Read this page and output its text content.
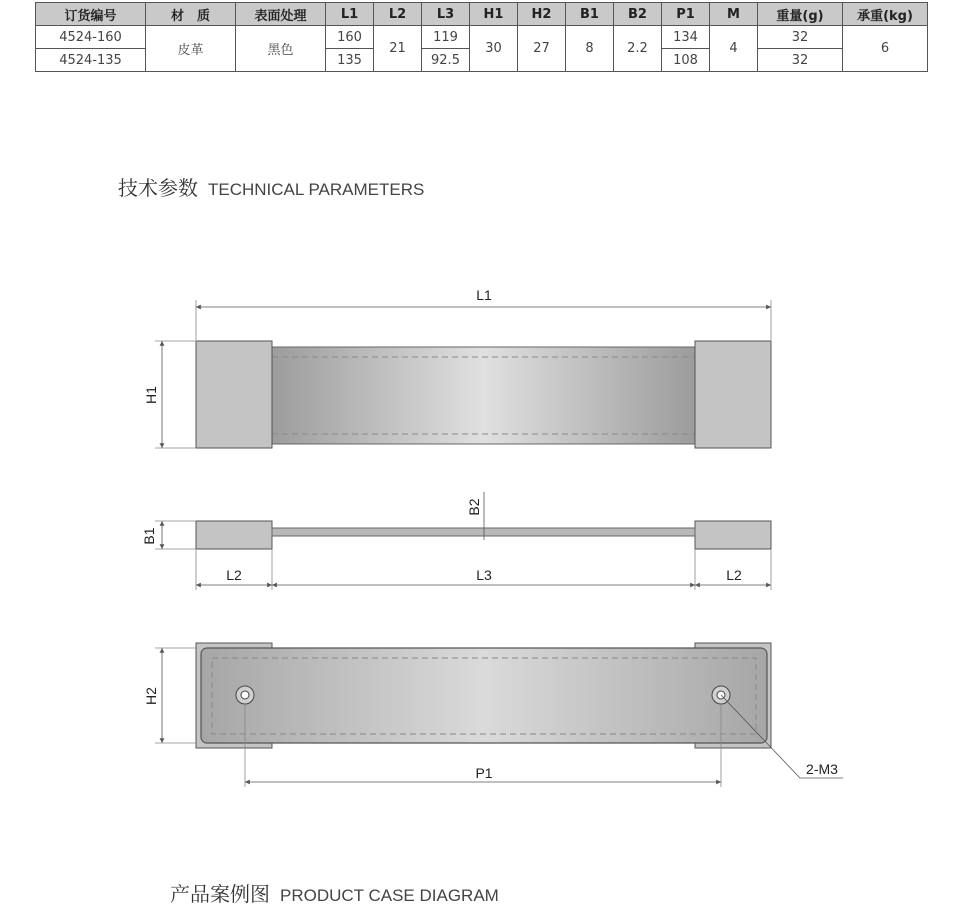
订货编号	材　质	表面处理	L1	L2	L3	H1	H2	B1	B2	P1	M	重量(g)	承重(kg)
4524-160	皮革	黑色	160	21	119	30	27	8	2.2	134	4	32	6
4524-135			135		92.5					108		32	
技术参数 TECHNICAL PARAMETERS
L1
H1
B2
B1
L2	L3	L2
H2
P1	2-M3
产品案例图 PRODUCT CASE DIAGRAM
